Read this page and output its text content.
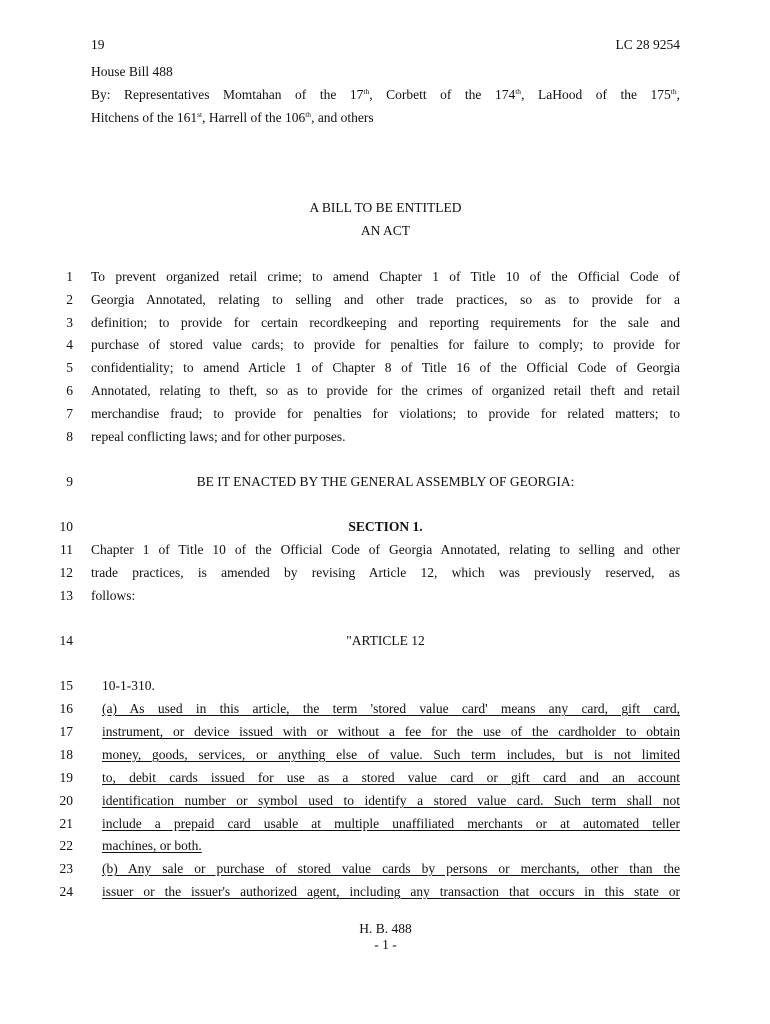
19	LC 28 9254
House Bill 488
By: Representatives Momtahan of the 17th, Corbett of the 174th, LaHood of the 175th,
Hitchens of the 161st, Harrell of the 106th, and others
A BILL TO BE ENTITLED
AN ACT
1 To prevent organized retail crime; to amend Chapter 1 of Title 10 of the Official Code of
2 Georgia Annotated, relating to selling and other trade practices, so as to provide for a
3 definition; to provide for certain recordkeeping and reporting requirements for the sale and
4 purchase of stored value cards; to provide for penalties for failure to comply; to provide for
5 confidentiality; to amend Article 1 of Chapter 8 of Title 16 of the Official Code of Georgia
6 Annotated, relating to theft, so as to provide for the crimes of organized retail theft and retail
7 merchandise fraud; to provide for penalties for violations; to provide for related matters; to
8 repeal conflicting laws; and for other purposes.
9	BE IT ENACTED BY THE GENERAL ASSEMBLY OF GEORGIA:
10	SECTION 1.
11 Chapter 1 of Title 10 of the Official Code of Georgia Annotated, relating to selling and other
12 trade practices, is amended by revising Article 12, which was previously reserved, as
13 follows:
14	"ARTICLE 12
15 10-1-310.
16 (a) As used in this article, the term 'stored value card' means any card, gift card,
17 instrument, or device issued with or without a fee for the use of the cardholder to obtain
18 money, goods, services, or anything else of value. Such term includes, but is not limited
19 to, debit cards issued for use as a stored value card or gift card and an account
20 identification number or symbol used to identify a stored value card. Such term shall not
21 include a prepaid card usable at multiple unaffiliated merchants or at automated teller
22 machines, or both.
23 (b) Any sale or purchase of stored value cards by persons or merchants, other than the
24 issuer or the issuer's authorized agent, including any transaction that occurs in this state or
H. B. 488
- 1 -
